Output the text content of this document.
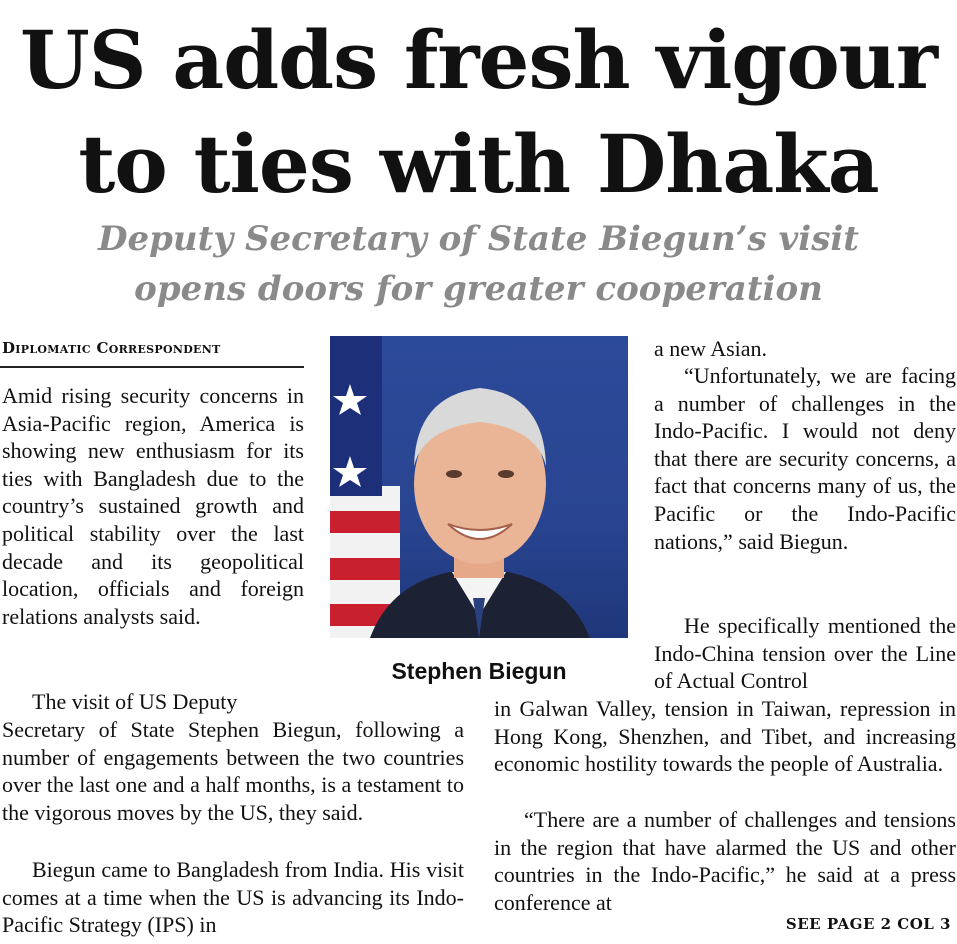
US adds fresh vigour
to ties with Dhaka
Deputy Secretary of State Biegun’s visit
opens doors for greater cooperation
Diplomatic Correspondent

Amid rising security concerns in Asia-Pacific region, America is showing new enthusiasm for its ties with Bangladesh due to the country’s sustained growth and political stability over the last decade and its geopolitical location, officials and foreign relations analysts said.

The visit of US Deputy

Secretary of State Stephen Biegun, following a number of engagements between the two countries over the last one and a half months, is a testament to the vigorous moves by the US, they said.

Biegun came to Bangladesh from India. His visit comes at a time when the US is advancing its Indo-Pacific Strategy (IPS) in

Stephen Biegun

a new Asian.

“Unfortunately, we are facing a number of challenges in the Indo-Pacific. I would not deny that there are security concerns, a fact that concerns many of us, the Pacific or the Indo-Pacific nations,” said Biegun.

He specifically mentioned the Indo-China tension over the Line of Actual Control

in Galwan Valley, tension in Taiwan, repression in Hong Kong, Shenzhen, and Tibet, and increasing economic hostility towards the people of Australia.

“There are a number of challenges and tensions in the region that have alarmed the US and other countries in the Indo-Pacific,” he said at a press conference at

SEE PAGE 2 COL 3
